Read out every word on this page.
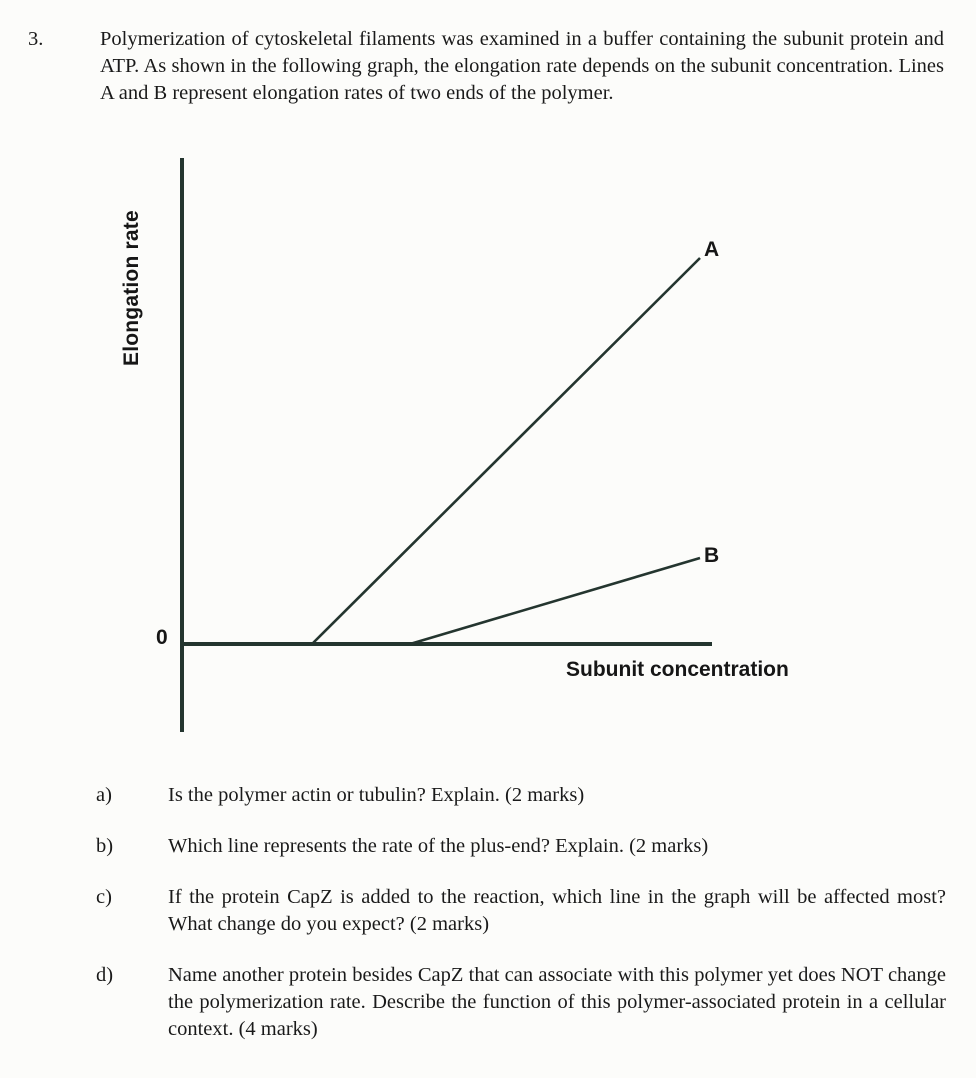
3.	Polymerization of cytoskeletal filaments was examined in a buffer containing the subunit protein and ATP. As shown in the following graph, the elongation rate depends on the subunit concentration. Lines A and B represent elongation rates of two ends of the polymer.
Elongation rate
Subunit concentration
0
A
B
a)	Is the polymer actin or tubulin? Explain. (2 marks)
b)	Which line represents the rate of the plus-end? Explain. (2 marks)
c)	If the protein CapZ is added to the reaction, which line in the graph will be affected most? What change do you expect? (2 marks)
d)	Name another protein besides CapZ that can associate with this polymer yet does NOT change the polymerization rate. Describe the function of this polymer-associated protein in a cellular context. (4 marks)
